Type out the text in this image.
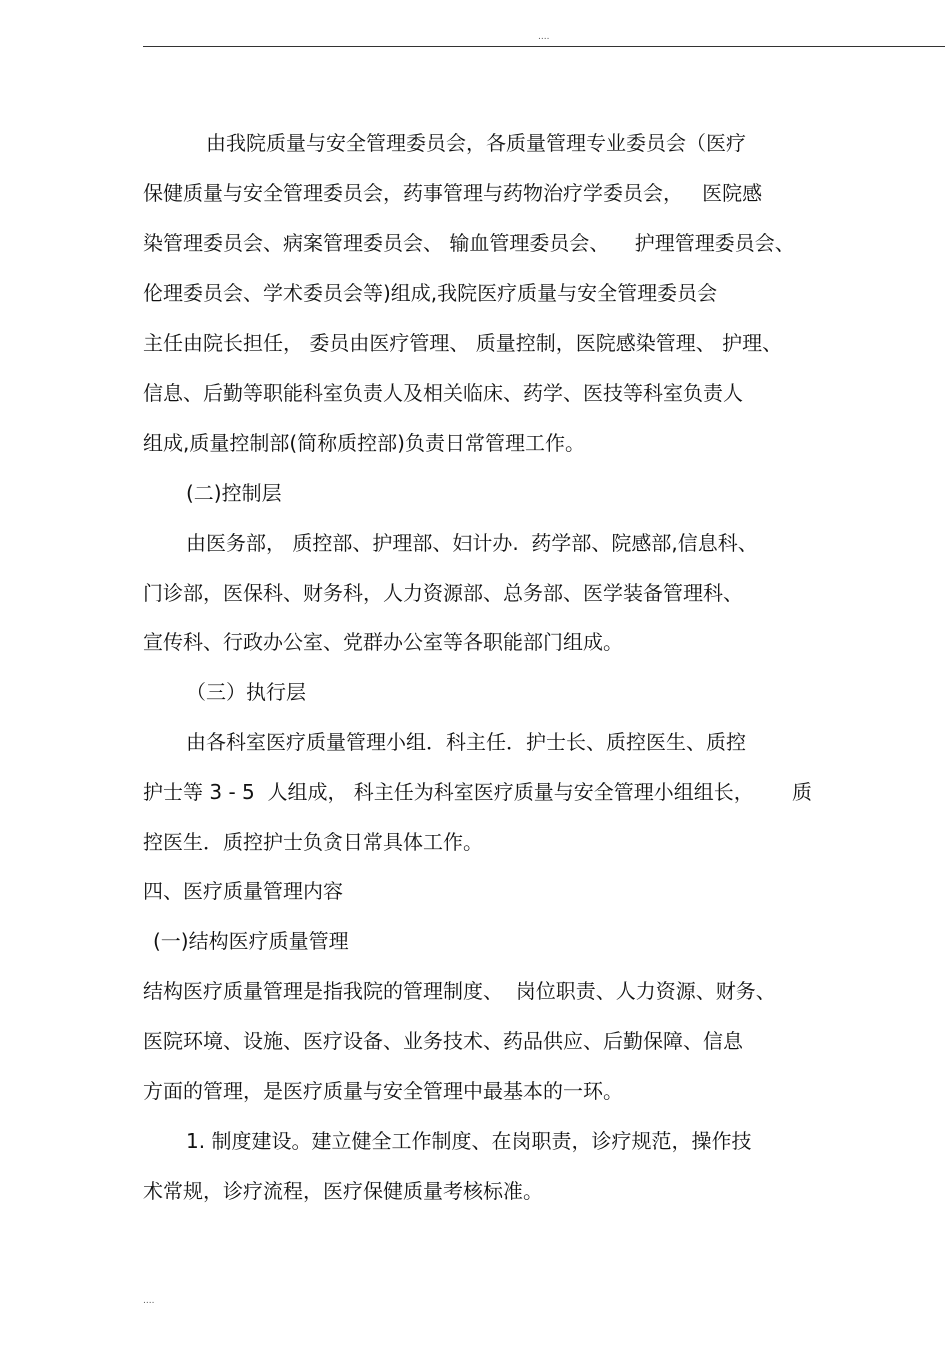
....
由我院质量与安全管理委员会，各质量管理专业委员会（医疗
保健质量与安全管理委员会，药事管理与药物治疗学委员会，   医院感
染管理委员会、病案管理委员会、 输血管理委员会、    护理管理委员会、
伦理委员会、学术委员会等)组成,我院医疗质量与安全管理委员会
主任由院长担任， 委员由医疗管理、 质量控制，医院感染管理、 护理、
信息、后勤等职能科室负责人及相关临床、药学、医技等科室负责人
组成,质量控制部(简称质控部)负责日常管理工作。
(二)控制层
由医务部， 质控部、护理部、妇计办.  药学部、院感部,信息科、
门诊部，医保科、财务科，人力资源部、总务部、医学装备管理科、
宣传科、行政办公室、党群办公室等各职能部门组成。
（三）执行层
由各科室医疗质量管理小组．科主任．护士长、质控医生、质控
护士等 3 - 5  人组成， 科主任为科室医疗质量与安全管理小组组长，      质
控医生．质控护士负贪日常具体工作。
四、医疗质量管理内容
(一)结构医疗质量管理
结构医疗质量管理是指我院的管理制度、  岗位职责、人力资源、财务、
医院环境、设施、医疗设备、业务技术、药品供应、后勤保障、信息
方面的管理，是医疗质量与安全管理中最基本的一环。
1. 制度建设。建立健全工作制度、在岗职责，诊疗规范，操作技
术常规，诊疗流程，医疗保健质量考核标准。
....
